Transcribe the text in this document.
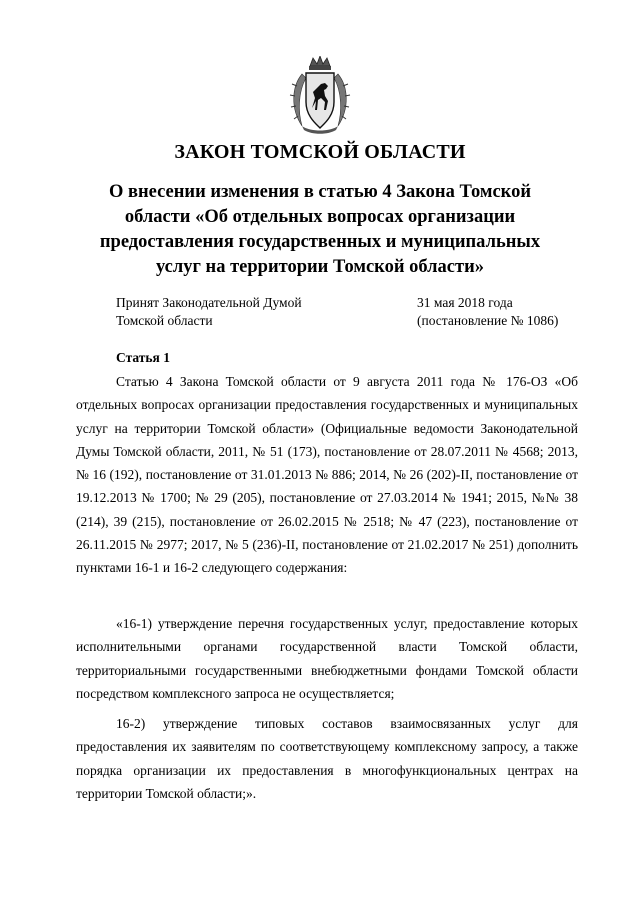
ЗАКОН ТОМСКОЙ ОБЛАСТИ
О внесении изменения в статью 4 Закона Томской области «Об отдельных вопросах организации предоставления государственных и муниципальных услуг на территории Томской области»
Принят Законодательной Думой
Томской области
31 мая 2018 года
(постановление № 1086)
Статья 1

Статью 4 Закона Томской области от 9 августа 2011 года № 176-ОЗ «Об отдельных вопросах организации предоставления государственных и муниципальных услуг на территории Томской области» (Официальные ведомости Законодательной Думы Томской области, 2011, № 51 (173), постановление от 28.07.2011 № 4568; 2013, № 16 (192), постановление от 31.01.2013 № 886; 2014, № 26 (202)-II, постановление от 19.12.2013 № 1700; № 29 (205), постановление от 27.03.2014 № 1941; 2015, №№ 38 (214), 39 (215), постановление от 26.02.2015 № 2518; № 47 (223), постановление от 26.11.2015 № 2977; 2017, № 5 (236)-II, постановление от 21.02.2017 № 251) дополнить пунктами 16-1 и 16-2 следующего содержания:

«16-1) утверждение перечня государственных услуг, предоставление которых исполнительными органами государственной власти Томской области, территориальными государственными внебюджетными фондами Томской области посредством комплексного запроса не осуществляется;

16-2) утверждение типовых составов взаимосвязанных услуг для предоставления их заявителям по соответствующему комплексному запросу, а также порядка организации их предоставления в многофункциональных центрах на территории Томской области;».
